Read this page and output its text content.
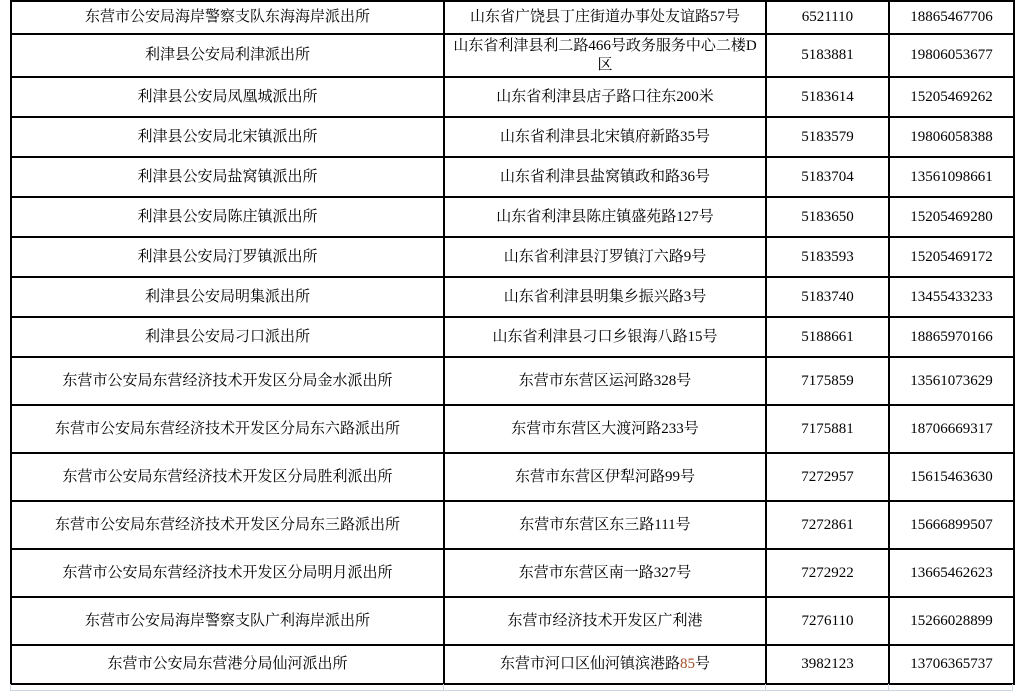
东营市公安局海岸警察支队东海海岸派出所	山东省广饶县丁庄街道办事处友谊路57号	6521110	18865467706
利津县公安局利津派出所	山东省利津县利二路466号政务服务中心二楼D区	5183881	19806053677
利津县公安局凤凰城派出所	山东省利津县店子路口往东200米	5183614	15205469262
利津县公安局北宋镇派出所	山东省利津县北宋镇府新路35号	5183579	19806058388
利津县公安局盐窝镇派出所	山东省利津县盐窝镇政和路36号	5183704	13561098661
利津县公安局陈庄镇派出所	山东省利津县陈庄镇盛苑路127号	5183650	15205469280
利津县公安局汀罗镇派出所	山东省利津县汀罗镇汀六路9号	5183593	15205469172
利津县公安局明集派出所	山东省利津县明集乡振兴路3号	5183740	13455433233
利津县公安局刁口派出所	山东省利津县刁口乡银海八路15号	5188661	18865970166
东营市公安局东营经济技术开发区分局金水派出所	东营市东营区运河路328号	7175859	13561073629
东营市公安局东营经济技术开发区分局东六路派出所	东营市东营区大渡河路233号	7175881	18706669317
东营市公安局东营经济技术开发区分局胜利派出所	东营市东营区伊犁河路99号	7272957	15615463630
东营市公安局东营经济技术开发区分局东三路派出所	东营市东营区东三路111号	7272861	15666899507
东营市公安局东营经济技术开发区分局明月派出所	东营市东营区南一路327号	7272922	13665462623
东营市公安局海岸警察支队广利海岸派出所	东营市经济技术开发区广利港	7276110	15266028899
东营市公安局东营港分局仙河派出所	东营市河口区仙河镇滨港路85号	3982123	13706365737
